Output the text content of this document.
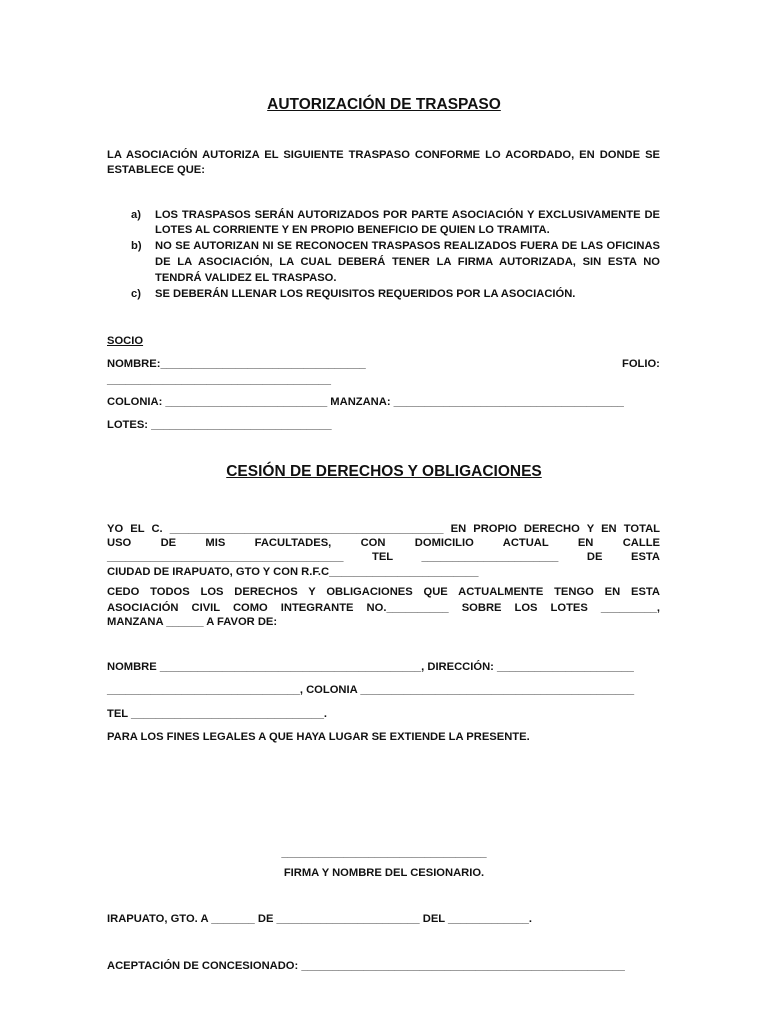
AUTORIZACIÓN DE TRASPASO

LA ASOCIACIÓN AUTORIZA EL SIGUIENTE TRASPASO CONFORME LO ACORDADO, EN DONDE SE

ESTABLECE QUE:

a) LOS TRASPASOS SERÁN AUTORIZADOS POR PARTE ASOCIACIÓN Y EXCLUSIVAMENTE DE

LOTES AL CORRIENTE Y EN PROPIO BENEFICIO DE QUIEN LO TRAMITA.

b) NO SE AUTORIZAN NI SE RECONOCEN TRASPASOS REALIZADOS FUERA DE LAS OFICINAS

DE LA ASOCIACIÓN, LA CUAL DEBERÁ TENER LA FIRMA AUTORIZADA, SIN ESTA NO

TENDRÁ VALIDEZ EL TRASPASO.

c) SE DEBERÁN LLENAR LOS REQUISITOS REQUERIDOS POR LA ASOCIACIÓN.

SOCIO

NOMBRE:_________________________________	FOLIO:

____________________________________

COLONIA: __________________________ MANZANA: _____________________________________

LOTES: _____________________________

CESIÓN DE DERECHOS Y OBLIGACIONES

YO EL C. ____________________________________________ EN PROPIO DERECHO Y EN TOTAL

USO DE MIS FACULTADES, CON DOMICILIO ACTUAL EN CALLE

______________________________________ TEL ______________________ DE ESTA

CIUDAD DE IRAPUATO, GTO Y CON R.F.C________________________

CEDO TODOS LOS DERECHOS Y OBLIGACIONES QUE ACTUALMENTE TENGO EN ESTA

ASOCIACIÓN CIVIL COMO INTEGRANTE NO.__________ SOBRE LOS LOTES _________,

MANZANA ______ A FAVOR DE:

NOMBRE __________________________________________, DIRECCIÓN: ______________________

_______________________________, COLONIA ____________________________________________

TEL _______________________________.

PARA LOS FINES LEGALES A QUE HAYA LUGAR SE EXTIENDE LA PRESENTE.

_________________________________

FIRMA Y NOMBRE DEL CESIONARIO.

IRAPUATO, GTO. A _______ DE _______________________ DEL _____________.

ACEPTACIÓN DE CONCESIONADO: ____________________________________________________
